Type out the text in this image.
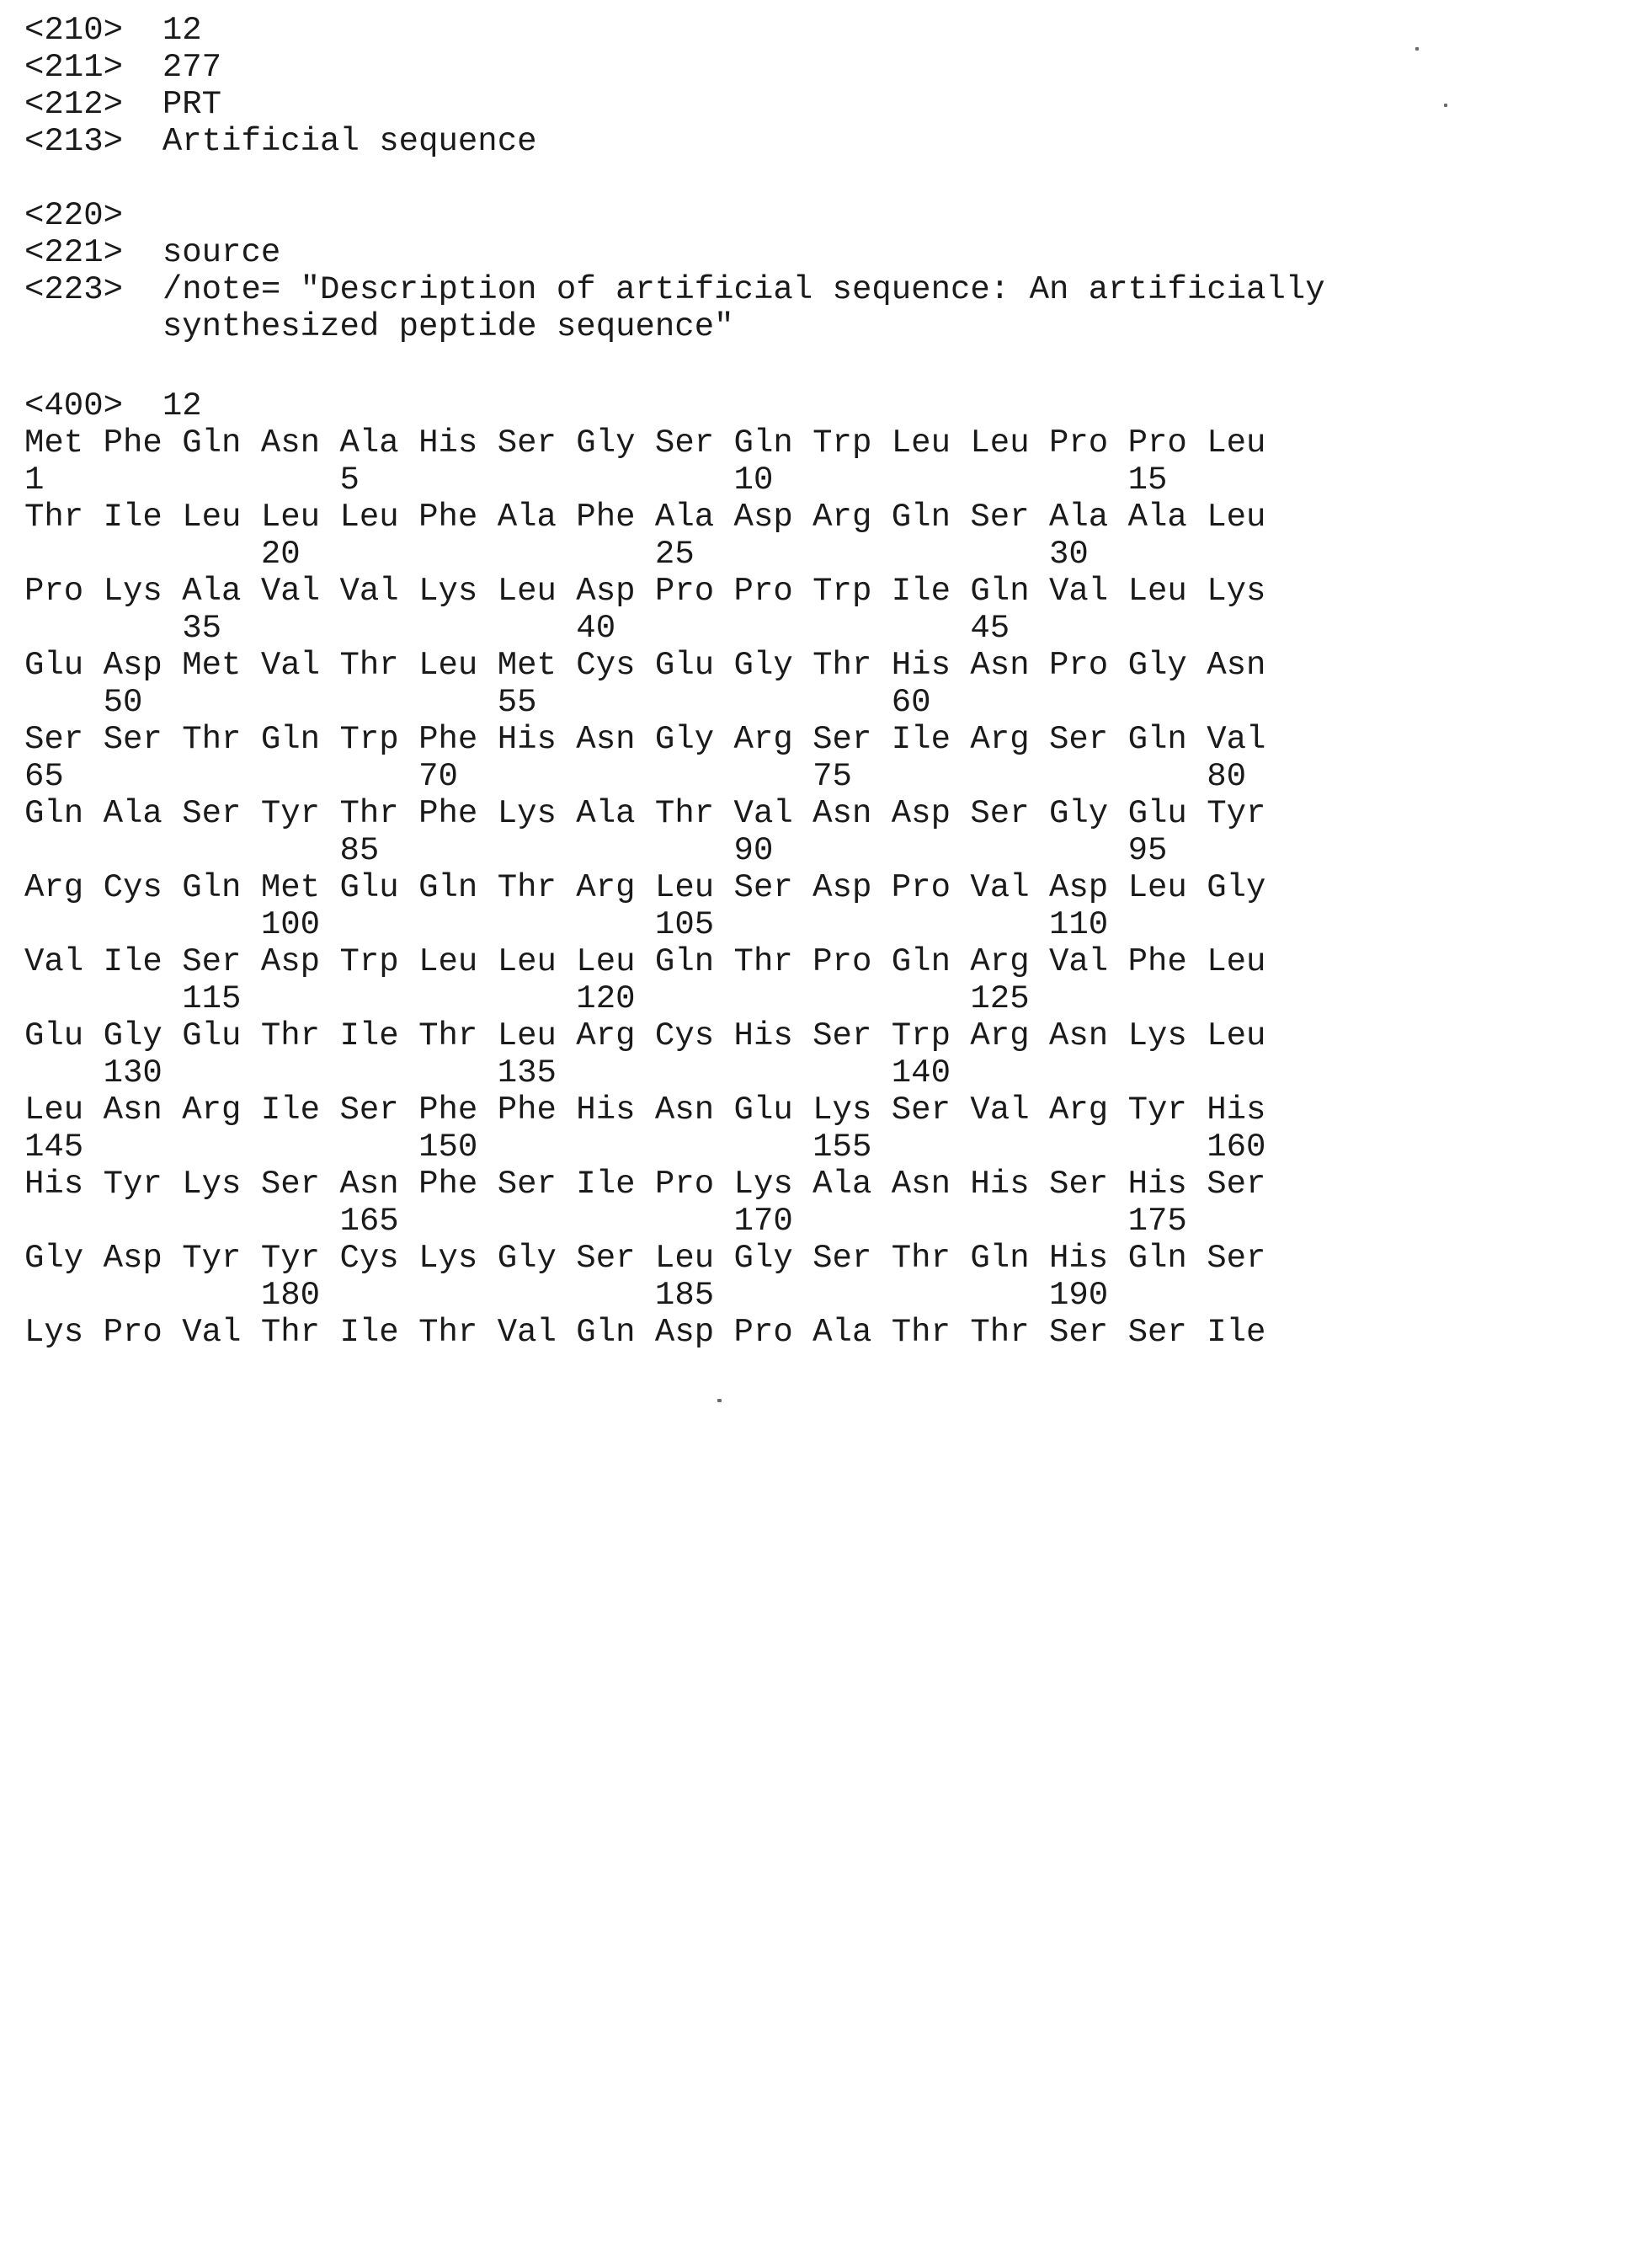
<210> 12
<211> 277
<212> PRT
<213> Artificial sequence
<220>
<221> source
<223> /note= "Description of artificial sequence: An artificially
synthesized peptide sequence"
<400> 12
Met Phe Gln Asn Ala His Ser Gly Ser Gln Trp Leu Leu Pro Pro Leu
1               5                   10                  15
Thr Ile Leu Leu Leu Phe Ala Phe Ala Asp Arg Gln Ser Ala Ala Leu
20                  25                  30
Pro Lys Ala Val Val Lys Leu Asp Pro Pro Trp Ile Gln Val Leu Lys
35                  40                  45
Glu Asp Met Val Thr Leu Met Cys Glu Gly Thr His Asn Pro Gly Asn
50                  55                  60
Ser Ser Thr Gln Trp Phe His Asn Gly Arg Ser Ile Arg Ser Gln Val
65                  70                  75                  80
Gln Ala Ser Tyr Thr Phe Lys Ala Thr Val Asn Asp Ser Gly Glu Tyr
85                  90                  95
Arg Cys Gln Met Glu Gln Thr Arg Leu Ser Asp Pro Val Asp Leu Gly
100                 105                 110
Val Ile Ser Asp Trp Leu Leu Leu Gln Thr Pro Gln Arg Val Phe Leu
115                 120                 125
Glu Gly Glu Thr Ile Thr Leu Arg Cys His Ser Trp Arg Asn Lys Leu
130                 135                 140
Leu Asn Arg Ile Ser Phe Phe His Asn Glu Lys Ser Val Arg Tyr His
145                 150                 155                 160
His Tyr Lys Ser Asn Phe Ser Ile Pro Lys Ala Asn His Ser His Ser
165                 170                 175
Gly Asp Tyr Tyr Cys Lys Gly Ser Leu Gly Ser Thr Gln His Gln Ser
180                 185                 190
Lys Pro Val Thr Ile Thr Val Gln Asp Pro Ala Thr Thr Ser Ser Ile
